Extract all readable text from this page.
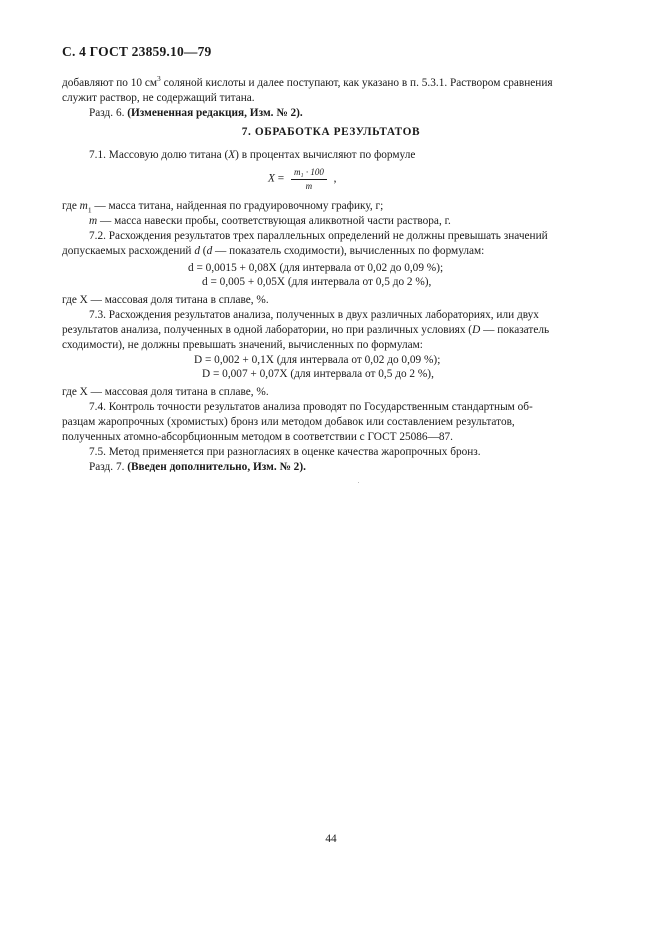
С. 4 ГОСТ 23859.10—79
добавляют по 10 $см^3$ соляной кислоты и далее поступают, как указано в п. 5.3.1. Раствором сравнения
служит раствор, не содержащий титана.
Разд. 6. (Измененная редакция, Изм. № 2).
7. ОБРАБОТКА РЕЗУЛЬТАТОВ
7.1. Массовую долю титана (X) в процентах вычисляют по формуле
$X = \frac{\text{m₁ · 100}}{m}$ ,
где $m_1$ — масса титана, найденная по градуировочному графику, г;
m — масса навески пробы, соответствующая аликвотной части раствора, г.
7.2. Расхождения результатов трех параллельных определений не должны превышать значений
допускаемых расхождений d (d — показатель сходимости), вычисленных по формулам:
d = 0,0015 + 0,08X (для интервала от 0,02 до 0,09 %);
d = 0,005 + 0,05X (для интервала от 0,5 до 2 %),
где X — массовая доля титана в сплаве, %.
7.3. Расхождения результатов анализа, полученных в двух различных лабораториях, или двух
результатов анализа, полученных в одной лаборатории, но при различных условиях (D — показатель
сходимости), не должны превышать значений, вычисленных по формулам:
D = 0,002 + 0,1X (для интервала от 0,02 до 0,09 %);
D = 0,007 + 0,07X (для интервала от 0,5 до 2 %),
где X — массовая доля титана в сплаве, %.
7.4. Контроль точности результатов анализа проводят по Государственным стандартным об-
разцам жаропрочных (хромистых) бронз или методом добавок или составлением результатов,
полученных атомно-абсорбционным методом в соответствии с ГОСТ 25086—87.
7.5. Метод применяется при разногласиях в оценке качества жаропрочных бронз.
Разд. 7. (Введен дополнительно, Изм. № 2).
44
